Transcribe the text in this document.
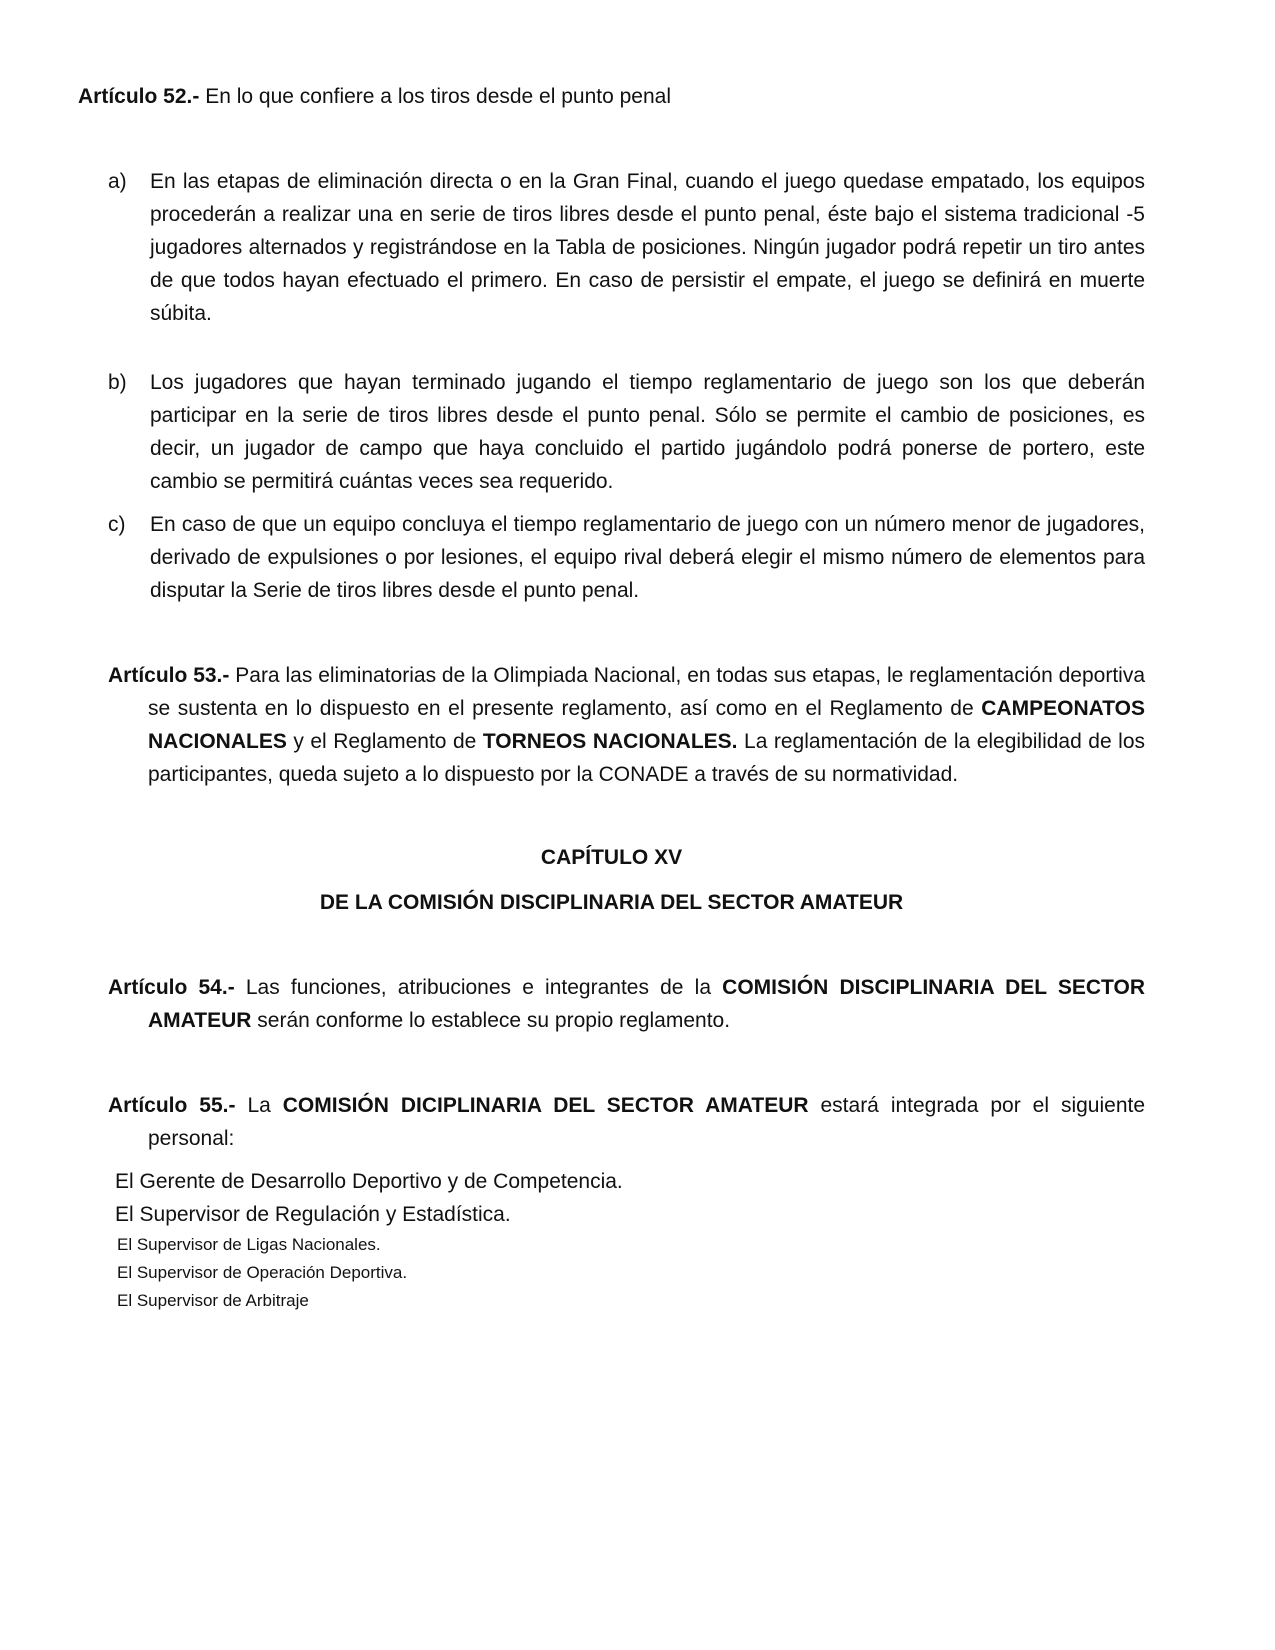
Artículo 52.- En lo que confiere a los tiros desde el punto penal

a)	En las etapas de eliminación directa o en la Gran Final, cuando el juego quedase empatado, los equipos procederán a realizar una en serie de tiros libres desde el punto penal, éste bajo el sistema tradicional -5 jugadores alternados y registrándose en la Tabla de posiciones. Ningún jugador podrá repetir un tiro antes de que todos hayan efectuado el primero. En caso de persistir el empate, el juego se definirá en muerte súbita.
b)	Los jugadores que hayan terminado jugando el tiempo reglamentario de juego son los que deberán participar en la serie de tiros libres desde el punto penal. Sólo se permite el cambio de posiciones, es decir, un jugador de campo que haya concluido el partido jugándolo podrá ponerse de portero, este cambio se permitirá cuántas veces sea requerido.
c)	En caso de que un equipo concluya el tiempo reglamentario de juego con un número menor de jugadores, derivado de expulsiones o por lesiones, el equipo rival deberá elegir el mismo número de elementos para disputar la Serie de tiros libres desde el punto penal.

Artículo 53.- Para las eliminatorias de la Olimpiada Nacional, en todas sus etapas, le reglamentación deportiva se sustenta en lo dispuesto en el presente reglamento, así como en el Reglamento de CAMPEONATOS NACIONALES y el Reglamento de TORNEOS NACIONALES. La reglamentación de la elegibilidad de los participantes, queda sujeto a lo dispuesto por la CONADE a través de su normatividad.

CAPÍTULO XV

DE LA COMISIÓN DISCIPLINARIA DEL SECTOR AMATEUR

Artículo 54.- Las funciones, atribuciones e integrantes de la COMISIÓN DISCIPLINARIA DEL SECTOR AMATEUR serán conforme lo establece su propio reglamento.

Artículo 55.- La COMISIÓN DICIPLINARIA DEL SECTOR AMATEUR estará integrada por el siguiente personal:

El Gerente de Desarrollo Deportivo y de Competencia.

El Supervisor de Regulación y Estadística.

El Supervisor de Ligas Nacionales.

El Supervisor de Operación Deportiva.

El Supervisor de Arbitraje
